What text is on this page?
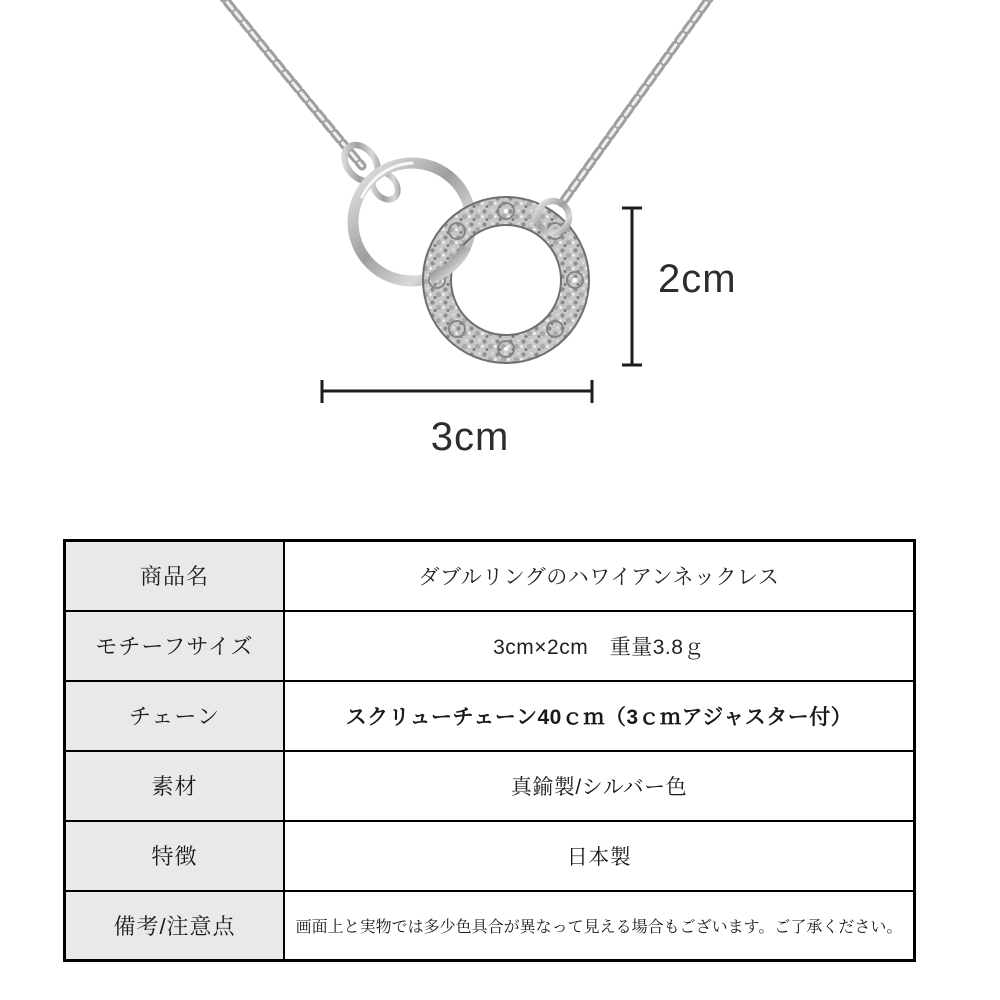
2cm
3cm
商品名	ダブルリングのハワイアンネックレス
モチーフサイズ	3cm×2cm　重量3.8ｇ
チェーン	スクリューチェーン40ｃｍ（3ｃｍアジャスター付）
素材	真鍮製/シルバー色
特徴	日本製
備考/注意点	画面上と実物では多少色具合が異なって見える場合もございます。ご了承ください。
